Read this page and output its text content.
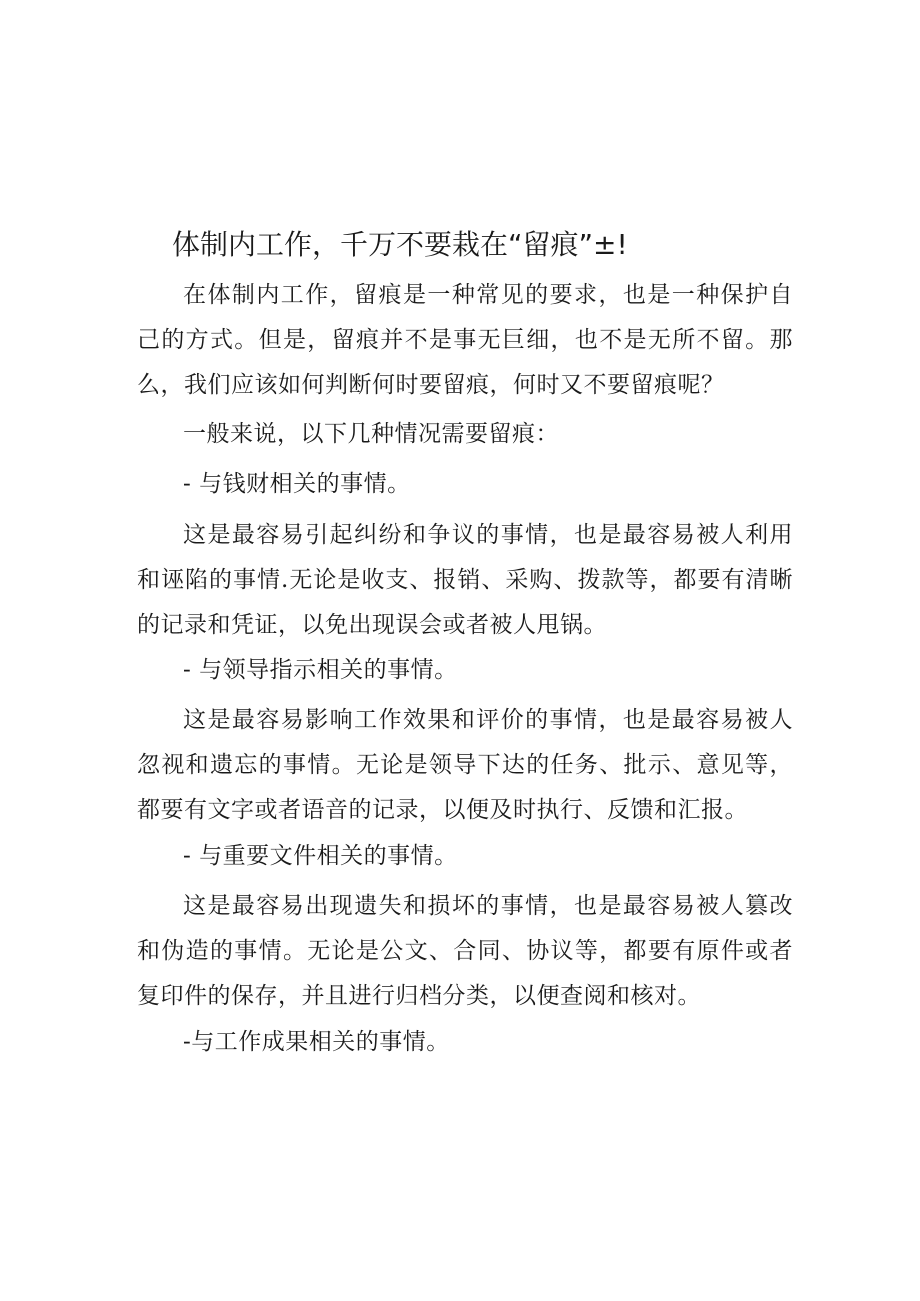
体制内工作，千万不要栽在“留痕”±!

在体制内工作，留痕是一种常见的要求，也是一种保护自己的方式。但是，留痕并不是事无巨细，也不是无所不留。那么，我们应该如何判断何时要留痕，何时又不要留痕呢？

一般来说，以下几种情况需要留痕：

- 与钱财相关的事情。

这是最容易引起纠纷和争议的事情，也是最容易被人利用和诬陷的事情.无论是收支、报销、采购、拨款等，都要有清晰的记录和凭证，以免出现误会或者被人甩锅。

- 与领导指示相关的事情。

这是最容易影响工作效果和评价的事情，也是最容易被人忽视和遗忘的事情。无论是领导下达的任务、批示、意见等，都要有文字或者语音的记录，以便及时执行、反馈和汇报。

- 与重要文件相关的事情。

这是最容易出现遗失和损坏的事情，也是最容易被人篡改和伪造的事情。无论是公文、合同、协议等，都要有原件或者复印件的保存，并且进行归档分类，以便查阅和核对。

-与工作成果相关的事情。
